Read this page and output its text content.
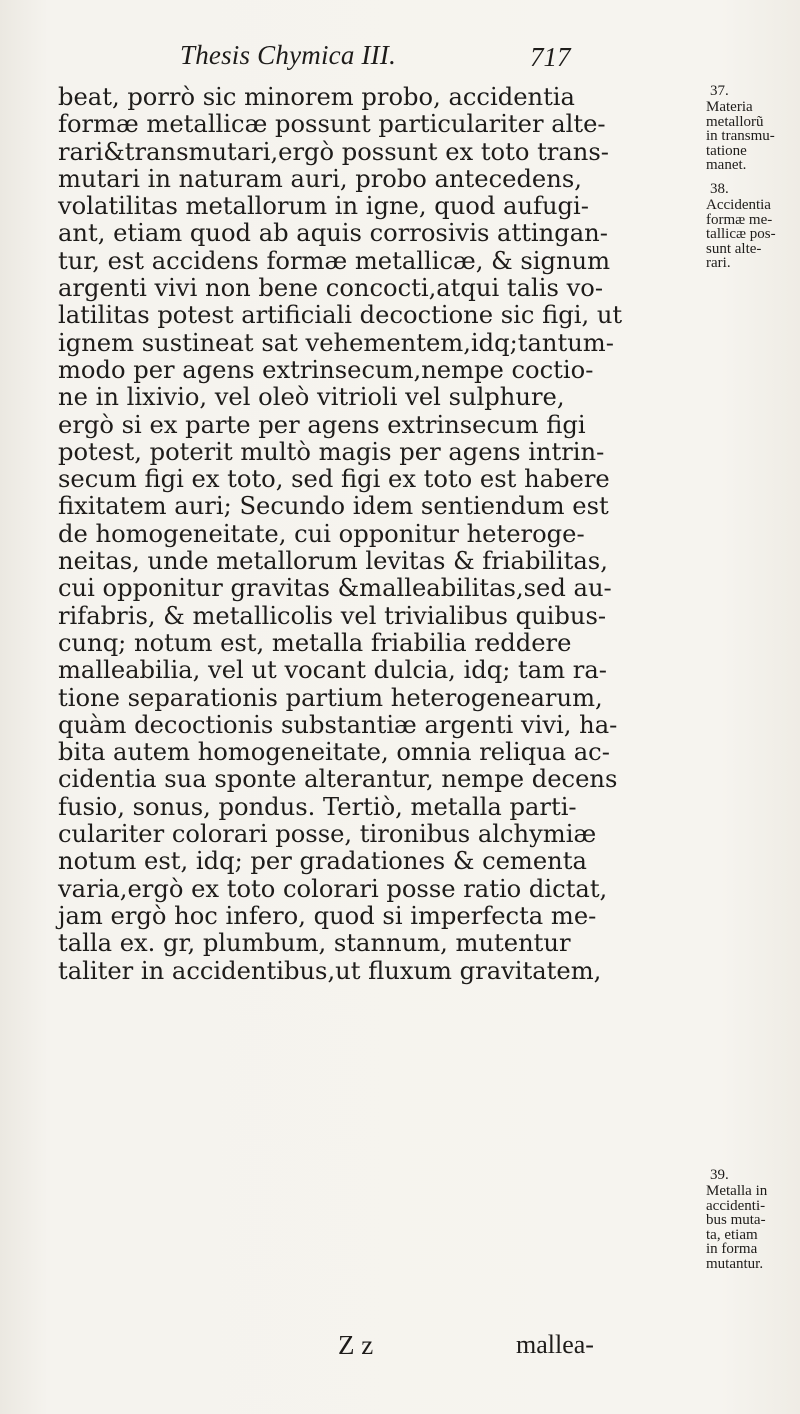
Thesis Chymica III.	717
beat, porrò sic minorem probo, accidentia
formæ metallicæ possunt particulariter alte-
rari&transmutari,ergò possunt ex toto trans-
mutari in naturam auri, probo antecedens,
volatilitas metallorum in igne, quod aufugi-
ant, etiam quod ab aquis corrosivis attingan-
tur, est accidens formæ metallicæ, & signum
argenti vivi non bene concocti,atqui talis vo-
latilitas potest artificiali decoctione sic figi, ut
ignem sustineat sat vehementem,idq;tantum-
modo per agens extrinsecum,nempe coctio-
ne in lixivio, vel oleò vitrioli vel sulphure,
ergò si ex parte per agens extrinsecum figi
potest, poterit multò magis per agens intrin-
secum figi ex toto, sed figi ex toto est habere
fixitatem auri; Secundo idem sentiendum est
de homogeneitate, cui opponitur heteroge-
neitas, unde metallorum levitas & friabilitas,
cui opponitur gravitas &malleabilitas,sed au-
rifabris, & metallicolis vel trivialibus quibus-
cunq; notum est, metalla friabilia reddere
malleabilia, vel ut vocant dulcia, idq; tam ra-
tione separationis partium heterogenearum,
quàm decoctionis substantiæ argenti vivi, ha-
bita autem homogeneitate, omnia reliqua ac-
cidentia sua sponte alterantur, nempe decens
fusio, sonus, pondus. Tertiò, metalla parti-
culariter colorari posse, tironibus alchymiæ
notum est, idq; per gradationes & cementa
varia,ergò ex toto colorari posse ratio dictat,
jam ergò hoc infero, quod si imperfecta me-
talla ex. gr, plumbum, stannum, mutentur
taliter in accidentibus,ut fluxum gravitatem,
37.
Materia
metallorũ
in transmu-
tatione
manet.
38.
Accidentia
formæ me-
tallicæ pos-
sunt alte-
rari.
39.
Metalla in
accidenti-
bus muta-
ta, etiam
in forma
mutantur.
Z z	mallea-
